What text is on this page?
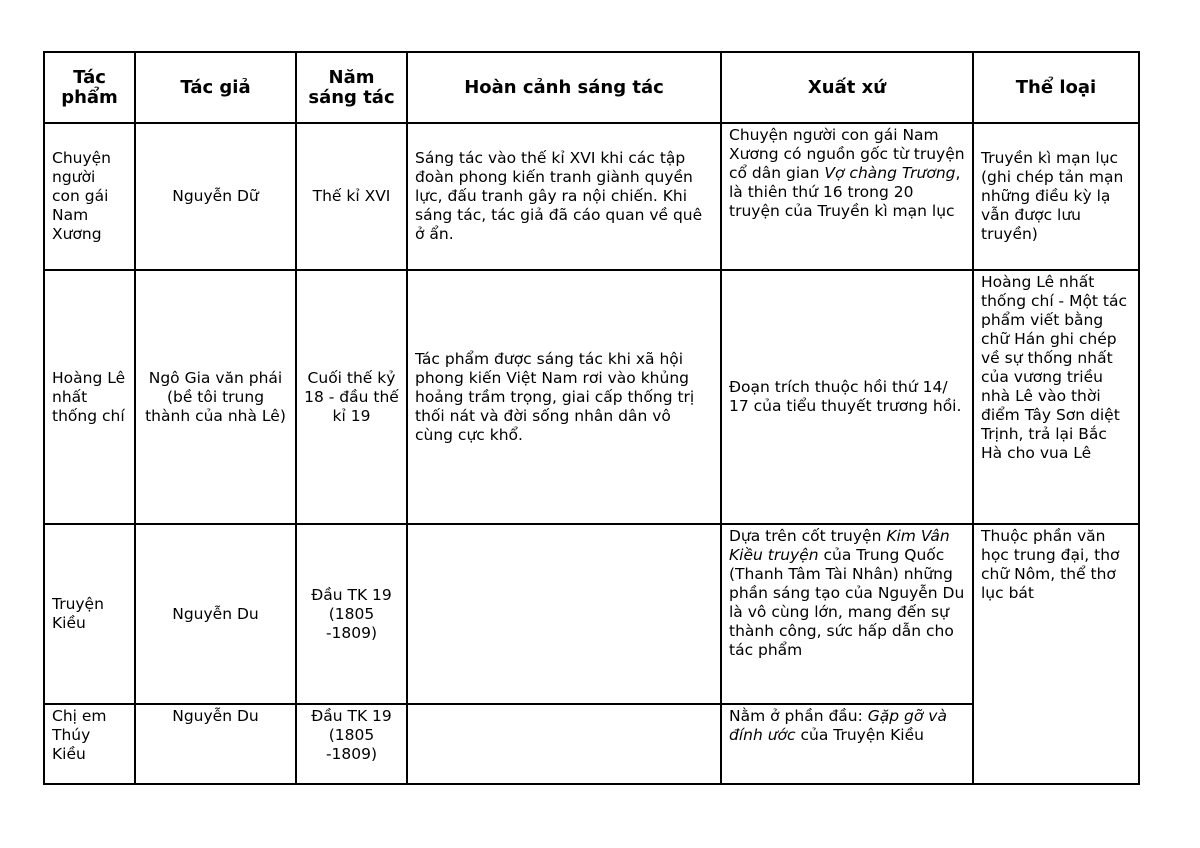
Tác phẩm	Tác giả	Năm sáng tác	Hoàn cảnh sáng tác	Xuất xứ	Thể loại
Chuyện người con gái Nam Xương	Nguyễn Dữ	Thế kỉ XVI	Sáng tác vào thế kỉ XVI khi các tập đoàn phong kiến tranh giành quyền lực, đấu tranh gây ra nội chiến. Khi sáng tác, tác giả đã cáo quan về quê ở ẩn.	Chuyện người con gái Nam Xương có nguồn gốc từ truyện cổ dân gian Vợ chàng Trương, là thiên thứ 16 trong 20 truyện của Truyền kì mạn lục	Truyền kì mạn lục (ghi chép tản mạn những điều kỳ lạ vẫn được lưu truyền)
Hoàng Lê nhất thống chí	Ngô Gia văn phái (bề tôi trung thành của nhà Lê)	Cuối thế kỷ 18 - đầu thế kỉ 19	Tác phẩm được sáng tác khi xã hội phong kiến Việt Nam rơi vào khủng hoảng trầm trọng, giai cấp thống trị thối nát và đời sống nhân dân vô cùng cực khổ.	Đoạn trích thuộc hồi thứ 14/ 17 của tiểu thuyết trương hồi.	Hoàng Lê nhất thống chí - Một tác phẩm viết bằng chữ Hán ghi chép về sự thống nhất của vương triều nhà Lê vào thời điểm Tây Sơn diệt Trịnh, trả lại Bắc Hà cho vua Lê
Truyện Kiều	Nguyễn Du	Đầu TK 19 (1805 -1809)		Dựa trên cốt truyện Kim Vân Kiều truyện của Trung Quốc (Thanh Tâm Tài Nhân) những phần sáng tạo của Nguyễn Du là vô cùng lớn, mang đến sự thành công, sức hấp dẫn cho tác phẩm	Thuộc phần văn học trung đại, thơ chữ Nôm, thể thơ lục bát
Chị em Thúy Kiều	Nguyễn Du	Đầu TK 19 (1805 -1809)		Nằm ở phần đầu: Gặp gỡ và đính ước của Truyện Kiều	
